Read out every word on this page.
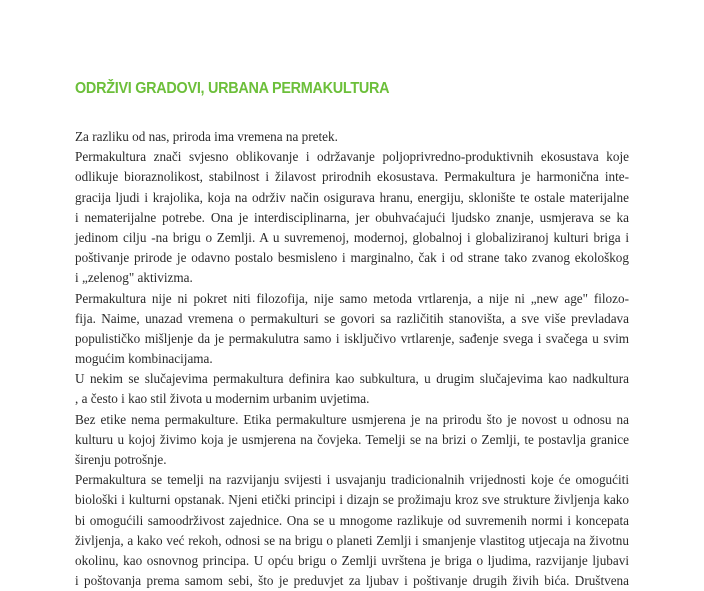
ODRŽIVI GRADOVI, URBANA PERMAKULTURA
Za razliku od nas, priroda ima vremena na pretek.
Permakultura znači svjesno oblikovanje i održavanje poljoprivredno-produktivnih ekosustava koje
odlikuje bioraznolikost, stabilnost i žilavost prirodnih ekosustava. Permakultura je harmonična inte-
gracija ljudi i krajolika, koja na održiv način osigurava hranu, energiju, sklonište te ostale materijalne
i nematerijalne potrebe. Ona je interdisciplinarna, jer obuhvaćajući ljudsko znanje, usmjerava se ka
jedinom cilju -na brigu o Zemlji. A u suvremenoj, modernoj, globalnoj i globaliziranoj kulturi briga i
poštivanje prirode je odavno postalo besmisleno i marginalno, čak i od strane tako zvanog ekološkog
i „zelenog" aktivizma.
Permakultura nije ni pokret niti filozofija, nije samo metoda vrtlarenja, a nije ni „new age" filozo-
fija. Naime, unazad vremena o permakulturi se govori sa različitih stanovišta, a sve više prevladava
populističko mišljenje da je permakulutra samo i isključivo vrtlarenje, sađenje svega i svačega u svim
mogućim kombinacijama.
U nekim se slučajevima permakultura definira kao subkultura, u drugim slučajevima kao nadkultura
, a često i kao stil života u modernim urbanim uvjetima.
Bez etike nema permakulture. Etika permakulture usmjerena je na prirodu što je novost u odnosu na
kulturu u kojoj živimo koja je usmjerena na čovjeka. Temelji se na brizi o Zemlji, te postavlja granice
širenju potrošnje.
Permakultura se temelji na razvijanju svijesti i usvajanju tradicionalnih vrijednosti koje će omogućiti
biološki i kulturni opstanak. Njeni etički principi i dizajn se prožimaju kroz sve strukture življenja kako
bi omogućili samoodrživost zajednice. Ona se u mnogome razlikuje od suvremenih normi i koncepata
življenja, a kako već rekoh, odnosi se na brigu o planeti Zemlji i smanjenje vlastitog utjecaja na životnu
okolinu, kao osnovnog principa. U opću brigu o Zemlji uvrštena je briga o ljudima, razvijanje ljubavi
i poštovanja prema samom sebi, što je preduvjet za ljubav i poštivanje drugih živih bića. Društvena
